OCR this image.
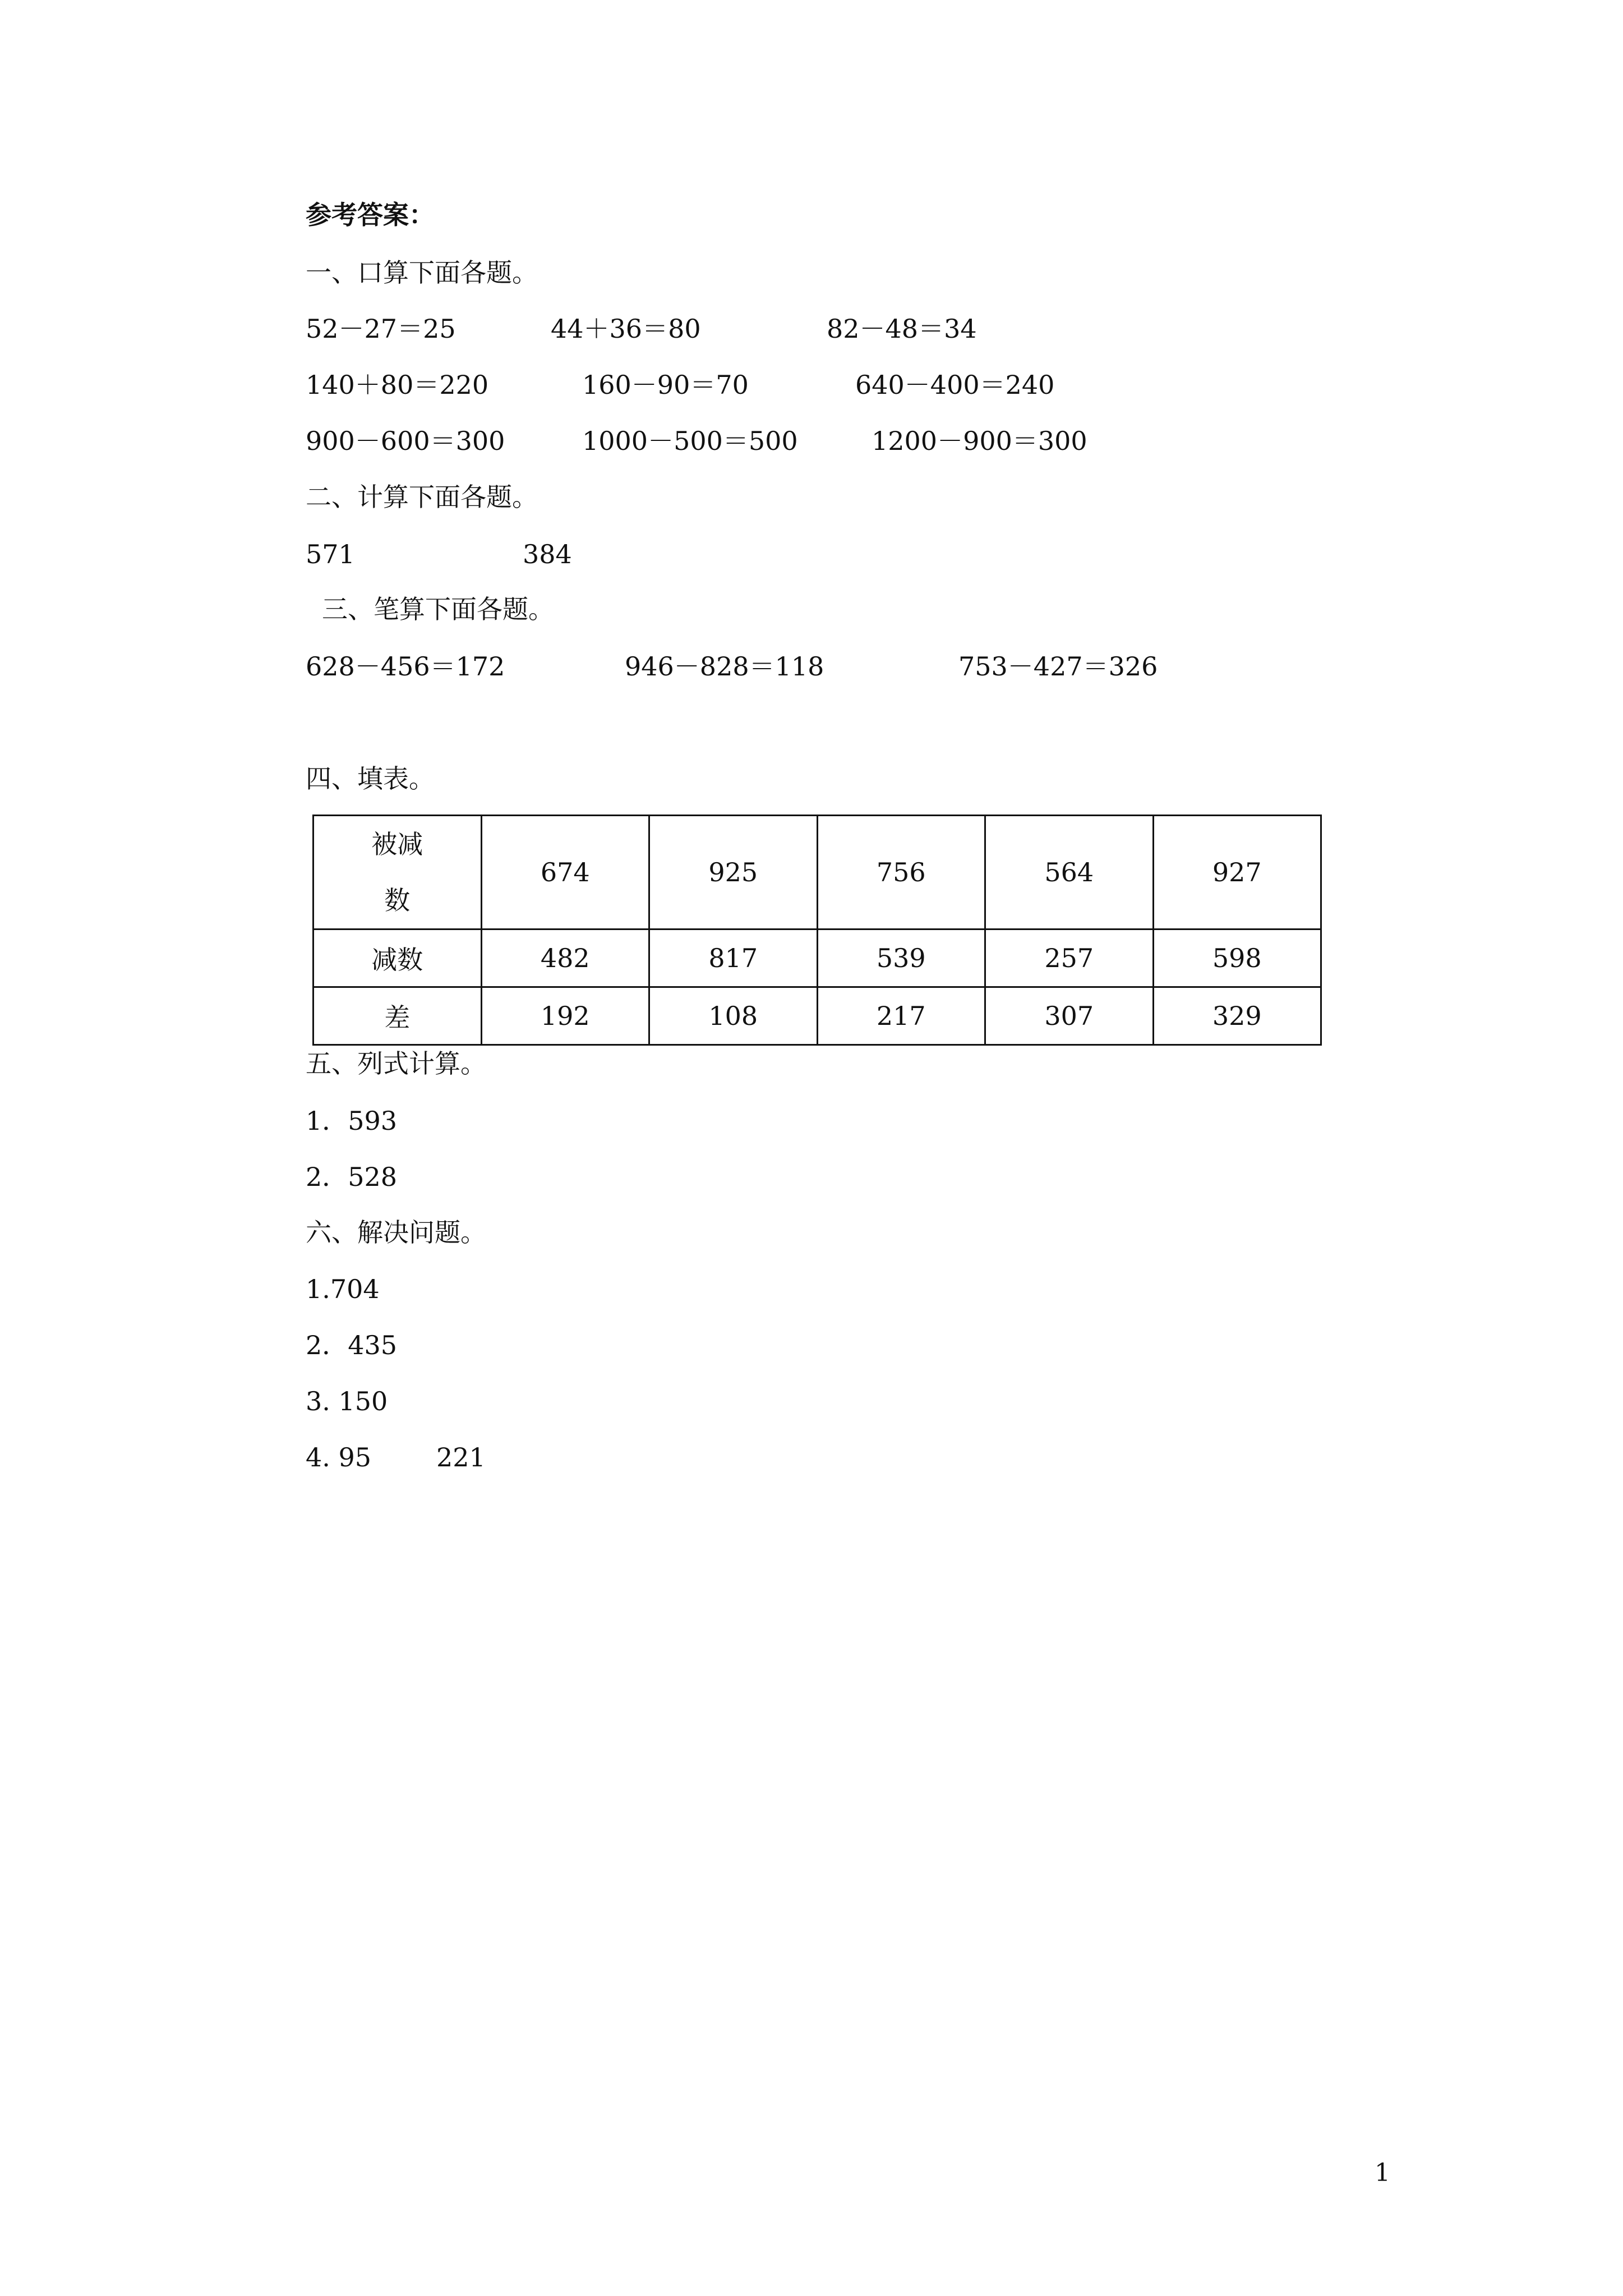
参考答案：
一、口算下面各题。
52－27＝25	44＋36＝80	82－48＝34
140＋80＝220	160－90＝70	640－400＝240
900－600＝300	1000－500＝500	1200－900＝300
二、计算下面各题。
571	384
三、笔算下面各题。
628－456＝172	946－828＝118	753－427＝326
四、填表。
被减数	674	925	756	564	927
减数	482	817	539	257	598
差	192	108	217	307	329
五、列式计算。
1．593
2．528
六、解决问题。
1.704
2．435
3. 150
4. 95	221
1
